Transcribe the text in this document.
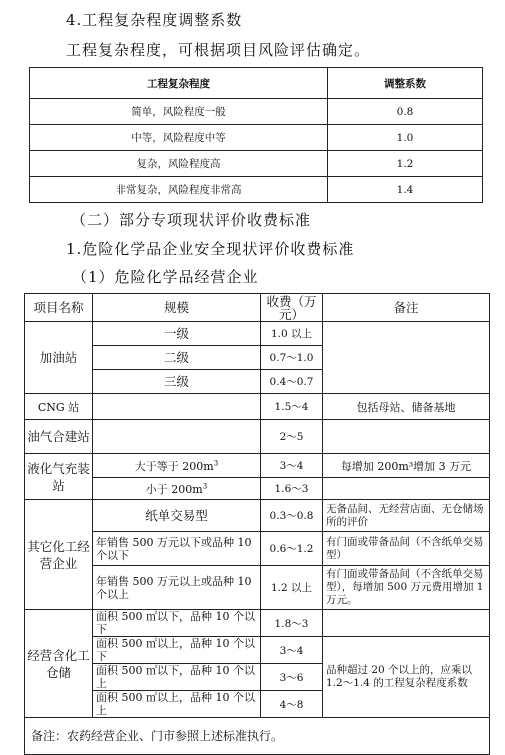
4.工程复杂程度调整系数
工程复杂程度，可根据项目风险评估确定。
工程复杂程度	调整系数
简单，风险程度一般	0.8
中等，风险程度中等	1.0
复杂，风险程度高	1.2
非常复杂，风险程度非常高	1.4
（二）部分专项现状评价收费标准
1.危险化学品企业安全现状评价收费标准
（1）危险化学品经营企业
项目名称	规模	收费（万元）	备注
加油站	一级	1.0 以上	
	二级	0.7～1.0	
	三级	0.4～0.7	
CNG 站		1.5～4	包括母站、储备基地
油气合建站		2～5	
液化气充装站	大于等于 $200m^3$	3～4	每增加 200m³增加 3 万元
	小于 $200m^3$	1.6～3	
其它化工经营企业	纸单交易型	0.3～0.8	无备品间、无经营店面、无仓储场所的评价
	年销售 500 万元以下或品种 10 个以下	0.6～1.2	有门面或带备品间（不含纸单交易型）
	年销售 500 万元以上或品种 10 个以上	1.2 以上	有门面或带备品间（不含纸单交易型），每增加 500 万元费用增加 1 万元。
经营含化工仓储	面积 500 ㎡以下，品种 10 个以下	1.8～3	
	面积 500 ㎡以上，品种 10 个以下	3～4	品种超过 20 个以上的，应乘以 1.2～1.4 的工程复杂程度系数
	面积 500 ㎡以下，品种 10 个以上	3～6	
	面积 500 ㎡以上，品种 10 个以上	4～8	
备注：农药经营企业、门市参照上述标准执行。			
